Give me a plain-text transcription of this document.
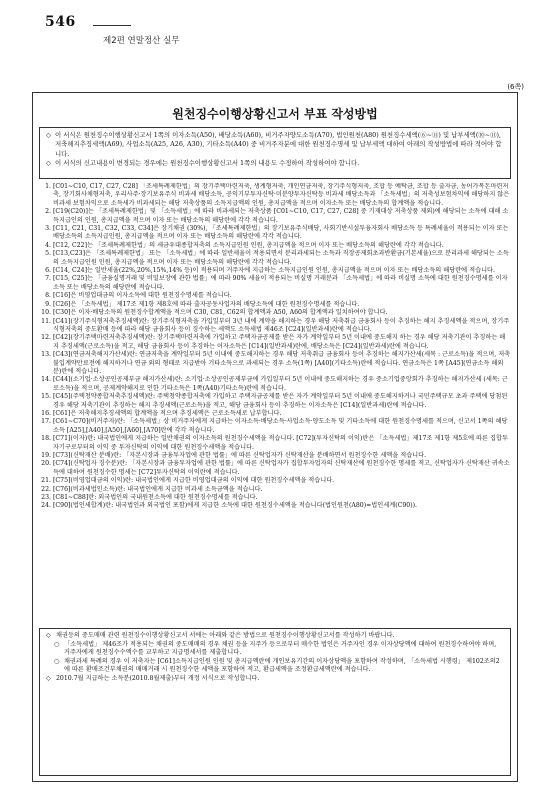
546
제2편 연말정산 실무
(6쪽)
원천징수이행상황신고서 부표 작성방법
◇ 이 서식은 원천징수이행상황신고서 1쪽의 이자소득(A50), 배당소득(A60), 비거주자양도소득(A70), 법인원천(A80) 원천징수세액(⑥~⑪) 및 납부세액(⑩~⑪), 저축해지추징세액(A69), 사업소득(A25, A26, A30), 기타소득(A40) 중 비거주자분에 대한 원천징수명세 및 납부세액 대하여 아래의 작성방법에 따라 적어야 합니다.
◇ 이 서식의 신고내용이 변경되는 경우에는 원천징수이행상황신고서 1쪽의 내용도 수정하여 작성하여야 합니다.
1. [C01~C10, C17, C27, C28] 「조세특례제한법」의 장기주택마련저축, 생계형저축, 개인연금저축, 장기주식형저축, 조합 등 예탁금, 조합 등 출자금, 농어가목돈마련저축, 장기회사채형저축, 우리사주·장기보유주식 비과세 배당소득, 공익기부투자신탁·미분양투자신탁등 비과세 배당소득과 「소득세법」의 저축성보험차익에 해당하지 않은 비과세 보험차익으로 소득세가 비과세되는 해당 저축상품의 소득지급액의 인원, 총지급액을 적으며 이자소득 또는 배당소득의 합계액을 적습니다.
2. [C19(C20)]는 「조세특례제한법」및 「소득세법」에 따라 비과세되는 저축상품 [C01~C10, C17, C27, C28] 중 기재대상 저축상품 제외)에 해당되는 소득에 대해 소득지급인의 인원, 총지급액을 적으며 이자 또는 배당소득의 해당란에 각각 적습니다.
3. [C11, C21, C31, C32, C33, C34]은 장기채권 (30%), 「조세특례제한법」의 장기보유주식배당, 사회기반시설투융자회사 배당소득 등 특례세율이 적용되는 이자 또는 배당소득의 소득지급인원, 총지급액을 적으며 이자 또는 배당소득의 해당란에 각각 적습니다.
4. [C12, C22]는 「조세특례제한법」의 세금우대종합저축의 소득지급인원 인원, 총지급액을 적으며 이자 또는 배당소득의 해당란에 각각 적습니다.
5. [C13,C23]은 「조세특례제한법」 또는 「소득세법」에 따라 일반세율이 적용되면서 분리과세되는 소득과 직장공제회초과반환금(기본세율)으로 분리과세 해당되는 소득의 소득지급인원 인원, 총지급액을 적으며 이자 또는 배당소득의 해당란에 각각 적습니다.
6. [C14, C24]는 일반세율(22%,20%,15%,14% 등)이 적용되며 거주자에 지급하는 소득지급인원 인원, 총지급액을 적으며 이자 또는 배당소득의 해당란에 적습니다.
7. [C15, C25]는 「금융실명거래 및 비밀보장에 관한 법률」에 따라 90% 세율이 적용되는 비실명 거래분과 「소득세법」에 따라 비실명 소득에 대한 원천징수명세를 이자소득 또는 배당소득의 해당란에 적습니다.
8. [C16]은 비영업대금의 이자소득에 대한 원천징수명세를 적습니다.
9. [C26]은 「소득세법」 제17조 제1항 제8호에 따라 출자공동사업자의 배당소득에 대한 원천징수명세를 적습니다.
10. [C30]은 이자·배당소득의 원천징수합계액을 적으며 C30, C81, C62의 합계액과 A50, A60의 합계액과 일치하여야 합니다.
11. [C41](장기주식형저축추징세액)란: 장기주식형저축을 가입일부터 3년 내에 계약을 해지하는 경우 해당 저축취급 금융회사 등이 추징하는 해지 추징세액을 적으며, 장기주식형저축의 중도환매 등에 따라 해당 금융회사 등이 징수하는 세액도 소득세법 제46조 [C24](일반과세)란에 적습니다.
12. [C42](장기주택마련저축추징세액)란: 장기주택마련저축에 가입하고 주택자금공제를 받은 자가 계약일부터 5년 이내에 중도해지 하는 경우 해당 저축기관이 추징하는 해지 추징세액(근로소득)을 적고, 해당 금융회사 등이 추징하는 이자소득은 [C14](일반과세)란에, 배당소득은 [C24](일반과세)란에 적습니다.
13. [C43](연금저축해지가산세)란: 연금저축을 계약일부터 5년 이내에 중도해지하는 경우 해당 저축취급 금융회사 등이 추징하는 해지가산세(세목 : 근로소득)을 적으며, 저축불입계약만료전에 해지하거나 연금 외의 형태로 지급받아 기타소득으로 과세되는 경우 소득(1쪽) [A40](기타소득)란에 적습니다. 연금소득은 1쪽 [A45](연금소득 해외분)란에 적습니다.
14. [C44](소기업·소상공인공제부금 해지가산세)란: 소기업·소상공인공제부금에 가입일부터 5년 이내에 중도해지하는 경우 중소기업중앙회가 추징하는 해지가산세 (세목: 근로소득)을 적으며, 공제계약해지로 인한 기타소득은 1쪽(A40)기타소득)란에 적습니다.
15. [C45](주택청약종합저축추징세액)란: 주택청약종합저축에 가입하고 주택자금공제를 받은 자가 계약일부터 5년 이내에 중도해지하거나 국민주택규모 초과 주택에 당첨된 경우 해당 저축기관이 추징하는 해지 추징세액(근로소득)을 적고, 해당 금융회사 등이 추징하는 이자소득은 [C14](일반과세)란에 적습니다.
16. [C61]은 저축해지추징세액의 합계액을 적으며 추징세액은 근로소득세로 납부합니다.
17. [C61~C70](비거주자)란: 「소득세법」상 비거주자에게 지급하는 이자소득·배당소득·사업소득·양도소득 및 기타소득에 대한 원천징수명세를 적으며, 신고서 1쪽의 해당소득 [A25],[A40],[A50],[A60],[A70]란에 각각 적습니다.
18. [C71](이자)란: 내국법인에게 지급하는 일반채권의 이자소득의 원천징수세액을 적습니다. [C72](투자신탁의 이익)란은 「소득세법」제17조 제1항 제5호에 따른 집합투자기구로부터의 이익 중 투자신탁의 이익에 대한 원천징수세액을 적습니다.
19. [C73](신탁재산 분배)란: 「자본시장과 금융투자업에 관한 법률」에 따른 신탁업자가 신탁재산을 분배하면서 원천징수한 세액을 적습니다.
20. [C74](신탁업자 징수분)란: 「자본시장과 금융투자업에 관한 법률」에 따른 신탁업자가 집합투자업자의 신탁재산에 원천징수한 명세를 적고, 신탁업자가 신탁재산 귀속소득에 대하여 원천징수한 명세는 [C72]투자신탁의 이익란에 적습니다.
21. [C75](비영업대금의 이익)란: 내국법인에게 지급한 비영업대금의 이익에 대한 원천징수세액을 적습니다.
22. [C76](비과세법인소득)란: 내국법인에게 지급한 비과세 소득금액을 적습니다.
23. [C81~C88]란: 외국법인의 국내원천소득에 대한 원천징수명세를 적습니다.
24. [C90](법인세합계)란: 내국법인과 외국법인 포함)에게 지급한 소득에 대한 원천징수세액을 적습니다(법인원천(A80)=법인세계(C90)).
◇ 채권등의 중도매매 관련 원천징수이행상황신고서 서에는 아래와 같은 방법으로 원천징수이행상황신고서를 작성하기 바랍니다.
○ 「소득세법」 제46조가 적용되는 채권의 중도매매의 경우 채권 등을 지주가 등으로부터 매수한 법인은 거주자인 경우 이자상당액에 대하여 원천징수하여야 하며, 거주자에게 원천징수수액수를 교부하고 지급명세서를 제출합니다.
○ 채권과세 특례의 경우 이 저축자는 [C61]소득지급인원 인원 및 총지급액란에 개인보유기간의 이자상당액을 포함하여 작성하며, 「소득세법 시행령」 제102조의2에 따른 환매조건부채권의 매매거래 시 원천징수한 세액을 포함하여 적고, 환급세액을 조정환급세액란에 적습니다.
◇ 2010.7월 지급하는 소득분(2010.8월제출)부터 개정 서식으로 작성합니다.
